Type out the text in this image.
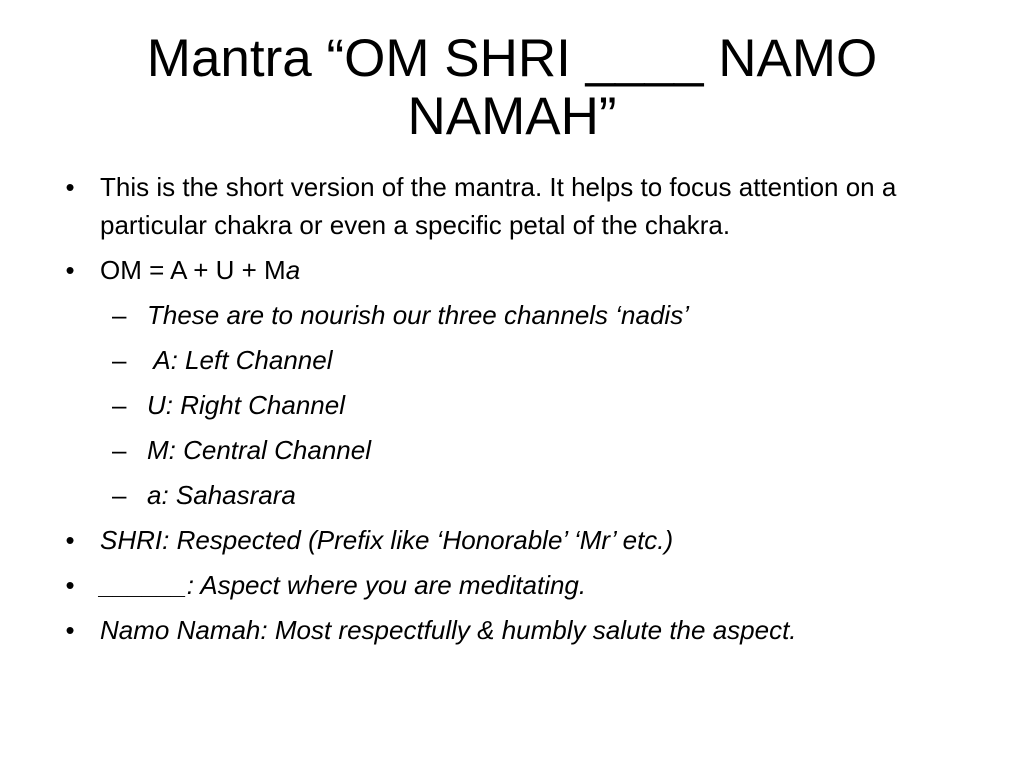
Mantra “OM SHRI ____ NAMO NAMAH”
• This is the short version of the mantra. It helps to focus attention on a particular chakra or even a specific petal of the chakra.
• OM = A + U + Ma
– These are to nourish our three channels ‘nadis’
– A: Left Channel
– U: Right Channel
– M: Central Channel
– a: Sahasrara
• SHRI: Respected (Prefix like ‘Honorable’ ‘Mr’ etc.)
• ______: Aspect where you are meditating.
• Namo Namah: Most respectfully & humbly salute the aspect.
